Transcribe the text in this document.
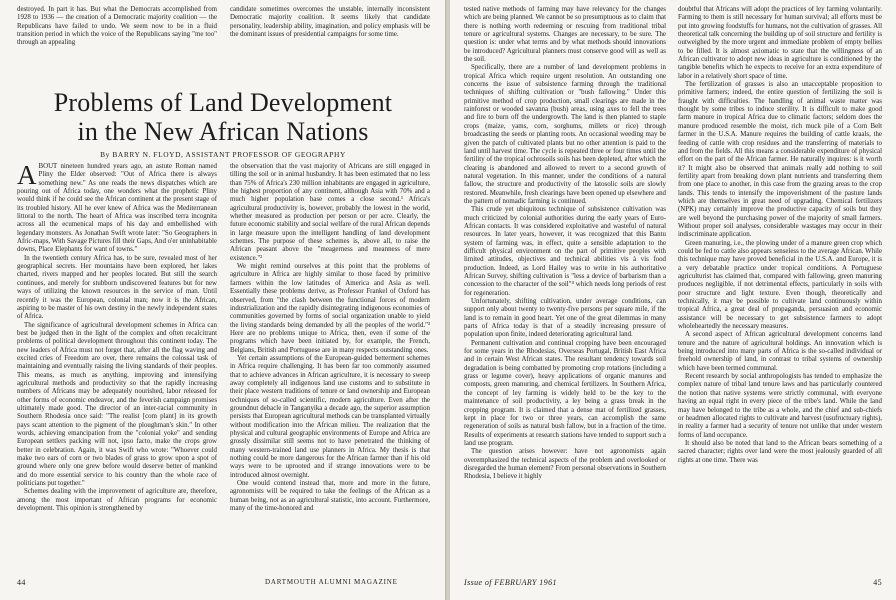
destroyed. In part it has. But what the Democrats accomplished from 1928 to 1936 — the creation of a Democratic majority coalition — the Republicans have failed to undo. We seem now to be in a fluid transition period in which the voice of the Republicans saying "me too" through an appealing

candidate sometimes overcomes the unstable, internally inconsistent Democratic majority coalition. It seems likely that candidate personality, leadership ability, imagination, and policy emphasis will be the dominant issues of presidential campaigns for some time.

Problems of Land Development
in the New African Nations
By BARRY N. FLOYD, ASSISTANT PROFESSOR OF GEOGRAPHY

ABOUT nineteen hundred years ago, an astute Roman named Pliny the Elder observed: "Out of Africa there is always something new." As one reads the news dispatches which are pouring out of Africa today, one wonders what the prophetic Pliny would think if he could see the African continent at the present stage of its troubled history. All he ever knew of Africa was the Mediterranean littoral to the north. The heart of Africa was inscribed terra incognita across all the ecumenical maps of his day and embellished with legendary monsters. As Jonathan Swift wrote later: "So Geographers in Afric-maps, With Savage Pictures fill their Gaps, And o'er uninhabitable downs, Place Elephants for want of towns."

In the twentieth century Africa has, to be sure, revealed most of her geographical secrets. Her mountains have been explored, her lakes charted, rivers mapped and her peoples located. But still the search continues, and merely for stubborn undiscovered features but for new ways of utilizing the known resources in the service of man. Until recently it was the European, colonial man; now it is the African, aspiring to be master of his own destiny in the newly independent states of Africa.

The significance of agricultural development schemes in Africa can best be judged then in the light of the complex and often recalcitrant problems of political development throughout this continent today. The new leaders of Africa must not forget that, after all the flag waving and excited cries of Freedom are over, there remains the colossal task of maintaining and eventually raising the living standards of their peoples. This means, as much as anything, improving and intensifying agricultural methods and productivity so that the rapidly increasing numbers of Africans may be adequately nourished, labor released for other forms of economic endeavor, and the feverish campaign promises ultimately made good. The director of an inter-racial community in Southern Rhodesia once said: "The realist [com plant] in its growth pays scant attention to the pigment of the ploughman's skin." In other words, achieving emancipation from the "colonial yoke" and sending European settlers packing will not, ipso facto, make the crops grow better in celebration. Again, it was Swift who wrote: "Whoever could make two ears of corn or two blades of grass to grow upon a spot of ground where only one grew before would deserve better of mankind and do more essential service to his country than the whole race of politicians put together."

Schemes dealing with the improvement of agriculture are, therefore, among the most important of African programs for economic development. This opinion is strengthened by

the observation that the vast majority of Africans are still engaged in tilling the soil or in animal husbandry. It has been estimated that no less than 75% of Africa's 230 million inhabitants are engaged in agriculture, the highest proportion of any continent, although Asia with 70% and a much higher population base comes a close second.¹ Africa's agricultural productivity is, however, probably the lowest in the world, whether measured as production per person or per acre. Clearly, the future economic stability and social welfare of the rural African depends in large measure upon the intelligent handling of land development schemes. The purpose of these schemes is, above all, to raise the African peasant above the "meagerness and meanness of mere existence."²

We might remind ourselves at this point that the problems of agriculture in Africa are highly similar to those faced by primitive farmers within the low latitudes of America and Asia as well. Essentially these problems derive, as Professor Frankel of Oxford has observed, from "the clash between the functional forces of modern industrialization and the rapidly disintegrating indigenous economies of communities governed by forms of social organization unable to yield the living standards being demanded by all the peoples of the world."³ Here are no problems unique to Africa, then, even if some of the programs which have been initiated by, for example, the French, Belgians, British and Portuguese are in many respects outstanding ones.

Yet certain assumptions of the European-guided betterment schemes in Africa require challenging. It has been far too commonly assumed that to achieve advances in African agriculture, it is necessary to sweep away completely all indigenous land use customs and to substitute in their place western traditions of tenure or land ownership and European techniques of so-called scientific, modern agriculture. Even after the groundnut debacle in Tanganyika a decade ago, the superior assumption persists that European agricultural methods can be transplanted virtually without modification into the African milieu. The realization that the physical and cultural geographic environments of Europe and Africa are grossly dissimilar still seems not to have penetrated the thinking of many western-trained land use planners in Africa. My thesis is that nothing could be more dangerous for the African farmer than if his old ways were to be uprooted and if strange innovations were to be introduced almost overnight.

One would contend instead that, more and more in the future, agronomists will be required to take the feelings of the African as a human being, not as an agricultural statistic, into account. Furthermore, many of the time-honored and

44	DARTMOUTH ALUMNI MAGAZINE

tested native methods of farming may have relevancy for the changes which are being planned. We cannot be so presumptuous as to claim that there is nothing worth redeeming or rescuing from traditional tribal tenure or agricultural systems. Changes are necessary, to be sure. The question is: under what terms and by what methods should innovations be introduced? Agricultural planners must conserve good will as well as the soil.

Specifically, there are a number of land development problems in tropical Africa which require urgent resolution. An outstanding one concerns the issue of subsistence farming through the traditional techniques of shifting cultivation or "bush fallowing." Under this primitive method of crop production, small clearings are made in the rainforest or wooded savanna (bush) areas, using axes to fell the trees and fire to burn off the undergrowth. The land is then planted to staple crops (maize, yams, corn, sorghums, millets or rice) through broadcasting the seeds or planting roots. An occasional weeding may be given the patch of cultivated plants but no other attention is paid to the land until harvest time. The cycle is repeated three or four times until the fertility of the tropical ochrosoils soils has been depleted, after which the clearing is abandoned and allowed to revert to a second growth of natural vegetation. In this manner, under the conditions of a natural fallow, the structure and productivity of the latosolic soils are slowly restored. Meanwhile, fresh clearings have been opened up elsewhere and the pattern of nomadic farming is continued.

This crude yet ubiquitous technique of subsistence cultivation was much criticized by colonial authorities during the early years of Euro-African contacts. It was considered exploitative and wasteful of natural resources. In later years, however, it was recognized that this Bantu system of farming was, in effect, quite a sensible adaptation to the difficult physical environment on the part of primitive peoples with limited attitudes, objectives and technical abilities vis à vis food production. Indeed, as Lord Hailey was to write in his authoritative African Survey, shifting cultivation is "less a device of barbarism than a concession to the character of the soil"⁴ which needs long periods of rest for regeneration.

Unfortunately, shifting cultivation, under average conditions, can support only about twenty to twenty-five persons per square mile, if the land is to remain in good heart. Yet one of the great dilemmas in many parts of Africa today is that of a steadily increasing pressure of population upon finite, indeed deteriorating agricultural land.

Permanent cultivation and continual cropping have been encouraged for some years in the Rhodesias, Overseas Portugal, British East Africa and in certain West African states. The resultant tendency towards soil degradation is being combatted by promoting crop rotations (including a grass or legume cover), heavy applications of organic manures and composts, green manuring, and chemical fertilizers. In Southern Africa, the concept of ley farming is widely held to be the key to the maintenance of soil productivity, a ley being a grass break in the cropping program. It is claimed that a dense mat of fertilized grasses, kept in place for two or three years, can accomplish the same regeneration of soils as natural bush fallow, but in a fraction of the time. Results of experiments at research stations have tended to support such a land use program.

The question arises however: have not agronomists again overemphasized the technical aspects of the problem and overlooked or disregarded the human element? From personal observations in Southern Rhodesia, I believe it highly

doubtful that Africans will adopt the practices of ley farming voluntarily. Farming to them is still necessary for human survival; all efforts must be put into growing foodstuffs for humans, not the cultivation of grasses. All theoretical talk concerning the building up of soil structure and fertility is outweighed by the more urgent and immediate problem of empty bellies to be filled. It is almost axiomatic to state that the willingness of an African cultivator to adopt new ideas in agriculture is conditioned by the tangible benefits which he expects to receive for an extra expenditure of labor in a relatively short space of time.

The fertilization of grasses is also an unacceptable proposition to primitive farmers; indeed, the entire question of fertilizing the soil is fraught with difficulties. The handling of animal waste matter was thought by some tribes to induce sterility. It is difficult to make good farm manure in tropical Africa due to climatic factors; seldom does the manure produced resemble the moist, rich muck pile of a Corn Belt farmer in the U.S.A. Manure requires the building of cattle kraals, the feeding of cattle with crop residues and the transferring of materials to and from the fields. All this means a considerable expenditure of physical effort on the part of the African farmer. He naturally inquires: is it worth it? It might also be observed that animals really add nothing to soil fertility apart from breaking down plant nutrients and transferring them from one place to another, in this case from the grazing areas to the crop lands. This tends to intensify the impoverishment of the pasture lands which are themselves in great need of upgrading. Chemical fertilizers (NPK) may certainly improve the productive capacity of soils but they are well beyond the purchasing power of the majority of small farmers. Without proper soil analyses, considerable wastages may occur in their indiscriminate application.

Green manuring, i.e., the plowing under of a manure green crop which could be fed to cattle also appears senseless to the average African. While this technique may have proved beneficial in the U.S.A. and Europe, it is a very debatable practice under tropical conditions. A Portuguese agriculturist has claimed that, compared with fallowing, green manuring produces negligible, if not detrimental effects, particularly in soils with poor structure and light texture. Even though, theoretically and technically, it may be possible to cultivate land continuously within tropical Africa, a great deal of propaganda, persuasion and economic assistance will be necessary to get subsistence farmers to adopt wholeheartedly the necessary measures.

A second aspect of African agricultural development concerns land tenure and the nature of agricultural holdings. An innovation which is being introduced into many parts of Africa is the so-called individual or freehold ownership of land, in contrast to tribal systems of ownership which have been termed communal.

Recent research by social anthropologists has tended to emphasize the complex nature of tribal land tenure laws and has particularly countered the notion that native systems were strictly communal, with everyone having an equal right in every piece of the tribe's land. While the land may have belonged to the tribe as a whole, and the chief and sub-chiefs or headmen allocated rights to cultivate and harvest (usufructuary rights), in reality a farmer had a security of tenure not unlike that under western forms of land occupance.

It should also be noted that land to the African bears something of a sacred character; rights over land were the most jealously guarded of all rights at one time. There was

Issue of FEBRUARY 1961	45
